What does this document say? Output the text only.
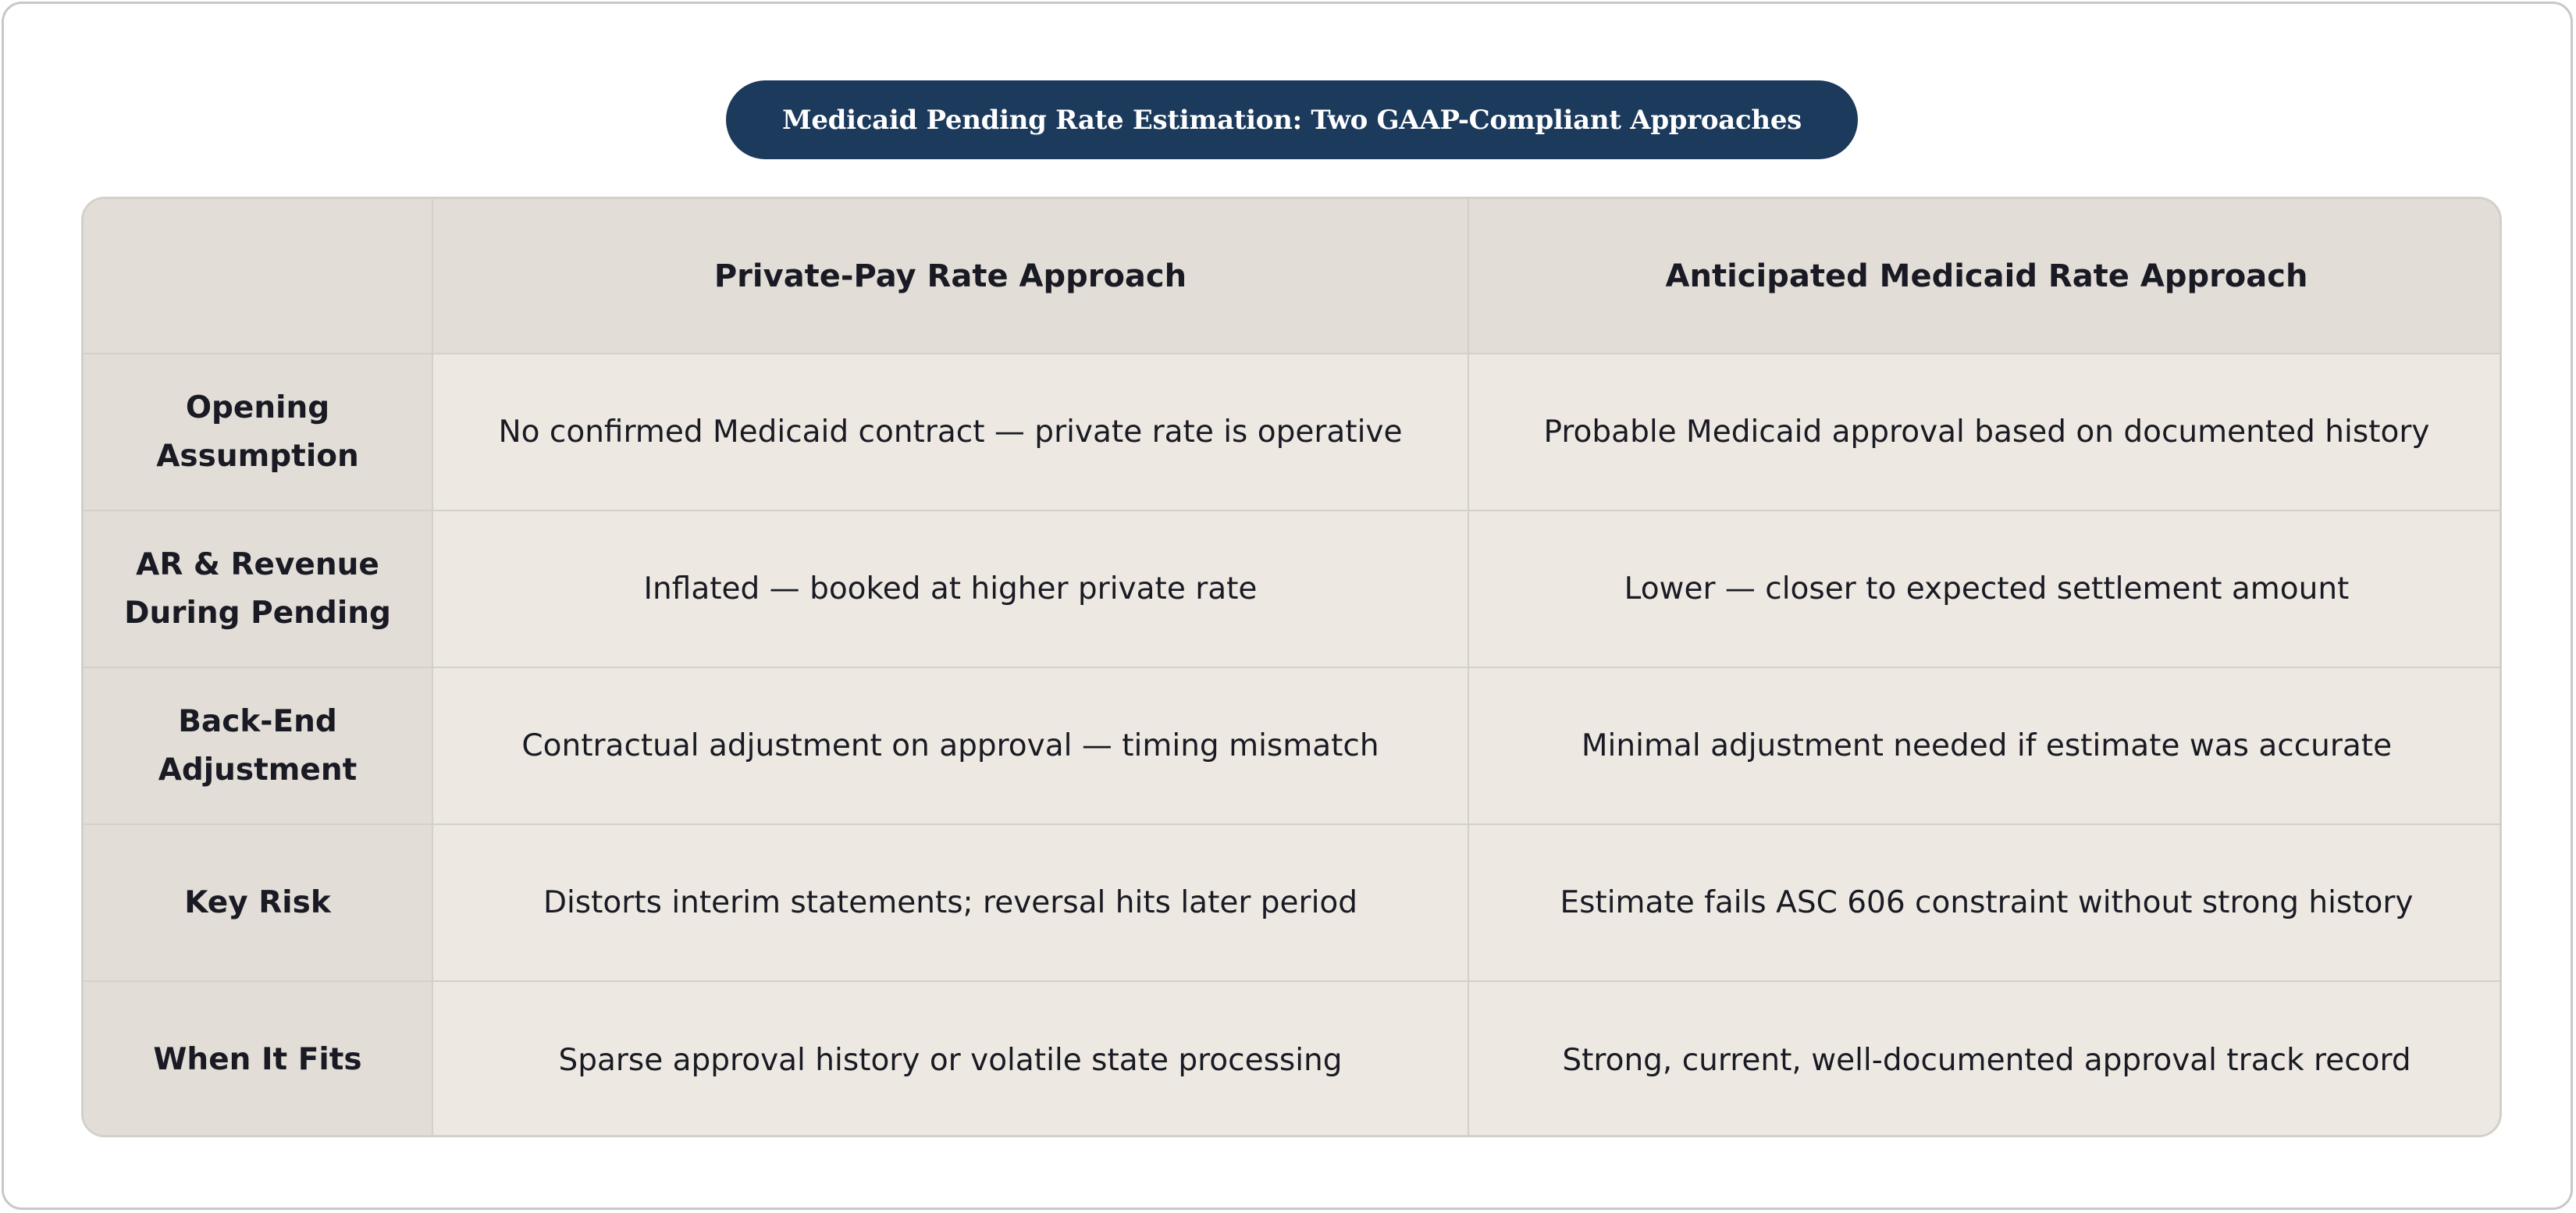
Medicaid Pending Rate Estimation: Two GAAP-Compliant Approaches
	Private-Pay Rate Approach	Anticipated Medicaid Rate Approach
Opening Assumption	No confirmed Medicaid contract — private rate is operative	Probable Medicaid approval based on documented history
AR & Revenue During Pending	Inflated — booked at higher private rate	Lower — closer to expected settlement amount
Back-End Adjustment	Contractual adjustment on approval — timing mismatch	Minimal adjustment needed if estimate was accurate
Key Risk	Distorts interim statements; reversal hits later period	Estimate fails ASC 606 constraint without strong history
When It Fits	Sparse approval history or volatile state processing	Strong, current, well-documented approval track record
